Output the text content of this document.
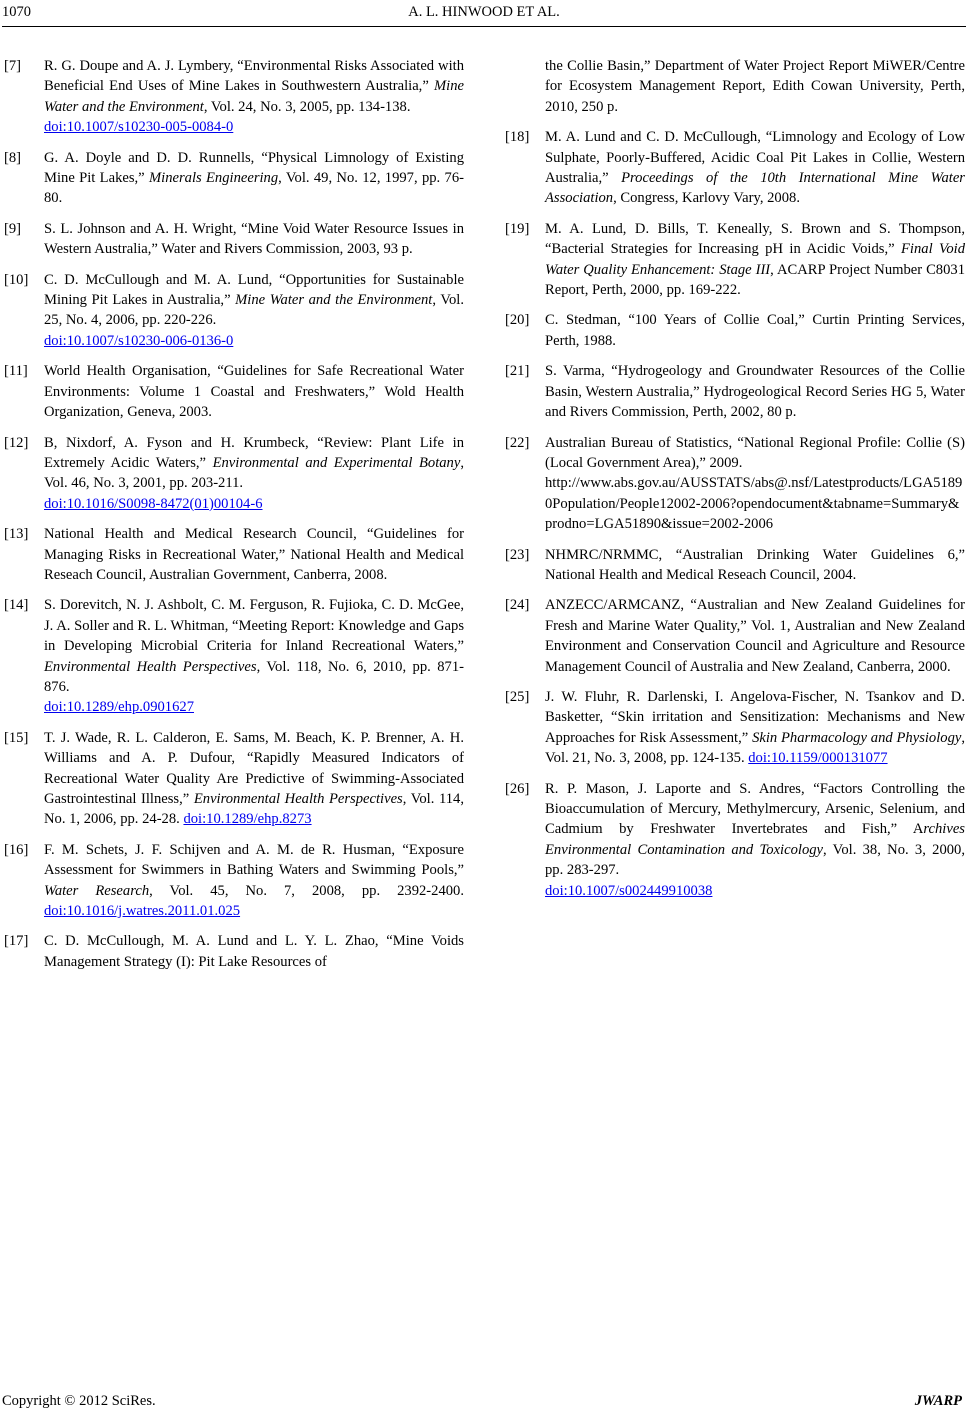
1070	A. L. HINWOOD ET AL.
[7] R. G. Doupe and A. J. Lymbery, “Environmental Risks Associated with Beneficial End Uses of Mine Lakes in Southwestern Australia,” Mine Water and the Environment, Vol. 24, No. 3, 2005, pp. 134-138.
doi:10.1007/s10230-005-0084-0
[8] G. A. Doyle and D. D. Runnells, “Physical Limnology of Existing Mine Pit Lakes,” Minerals Engineering, Vol. 49, No. 12, 1997, pp. 76-80.
[9] S. L. Johnson and A. H. Wright, “Mine Void Water Resource Issues in Western Australia,” Water and Rivers Commission, 2003, 93 p.
[10] C. D. McCullough and M. A. Lund, “Opportunities for Sustainable Mining Pit Lakes in Australia,” Mine Water and the Environment, Vol. 25, No. 4, 2006, pp. 220-226.
doi:10.1007/s10230-006-0136-0
[11] World Health Organisation, “Guidelines for Safe Recreational Water Environments: Volume 1 Coastal and Freshwaters,” Wold Health Organization, Geneva, 2003.
[12] B, Nixdorf, A. Fyson and H. Krumbeck, “Review: Plant Life in Extremely Acidic Waters,” Environmental and Experimental Botany, Vol. 46, No. 3, 2001, pp. 203-211.
doi:10.1016/S0098-8472(01)00104-6
[13] National Health and Medical Research Council, “Guidelines for Managing Risks in Recreational Water,” National Health and Medical Reseach Council, Australian Government, Canberra, 2008.
[14] S. Dorevitch, N. J. Ashbolt, C. M. Ferguson, R. Fujioka, C. D. McGee, J. A. Soller and R. L. Whitman, “Meeting Report: Knowledge and Gaps in Developing Microbial Criteria for Inland Recreational Waters,” Environmental Health Perspectives, Vol. 118, No. 6, 2010, pp. 871-876.
doi:10.1289/ehp.0901627
[15] T. J. Wade, R. L. Calderon, E. Sams, M. Beach, K. P. Brenner, A. H. Williams and A. P. Dufour, “Rapidly Measured Indicators of Recreational Water Quality Are Predictive of Swimming-Associated Gastrointestinal Illness,” Environmental Health Perspectives, Vol. 114, No. 1, 2006, pp. 24-28. doi:10.1289/ehp.8273
[16] F. M. Schets, J. F. Schijven and A. M. de R. Husman, “Exposure Assessment for Swimmers in Bathing Waters and Swimming Pools,” Water Research, Vol. 45, No. 7, 2008, pp. 2392-2400. doi:10.1016/j.watres.2011.01.025
[17] C. D. McCullough, M. A. Lund and L. Y. L. Zhao, “Mine Voids Management Strategy (I): Pit Lake Resources of
the Collie Basin,” Department of Water Project Report MiWER/Centre for Ecosystem Management Report, Edith Cowan University, Perth, 2010, 250 p.
[18] M. A. Lund and C. D. McCullough, “Limnology and Ecology of Low Sulphate, Poorly-Buffered, Acidic Coal Pit Lakes in Collie, Western Australia,” Proceedings of the 10th International Mine Water Association, Congress, Karlovy Vary, 2008.
[19] M. A. Lund, D. Bills, T. Keneally, S. Brown and S. Thompson, “Bacterial Strategies for Increasing pH in Acidic Voids,” Final Void Water Quality Enhancement: Stage III, ACARP Project Number C8031 Report, Perth, 2000, pp. 169-222.
[20] C. Stedman, “100 Years of Collie Coal,” Curtin Printing Services, Perth, 1988.
[21] S. Varma, “Hydrogeology and Groundwater Resources of the Collie Basin, Western Australia,” Hydrogeological Record Series HG 5, Water and Rivers Commission, Perth, 2002, 80 p.
[22] Australian Bureau of Statistics, “National Regional Profile: Collie (S) (Local Government Area),” 2009.
http://www.abs.gov.au/AUSSTATS/abs@.nsf/Latestproducts/LGA51890Population/People12002-2006?opendocument&tabname=Summary&prodno=LGA51890&issue=2002-2006
[23] NHMRC/NRMMC, “Australian Drinking Water Guidelines 6,” National Health and Medical Reseach Council, 2004.
[24] ANZECC/ARMCANZ, “Australian and New Zealand Guidelines for Fresh and Marine Water Quality,” Vol. 1, Australian and New Zealand Environment and Conservation Council and Agriculture and Resource Management Council of Australia and New Zealand, Canberra, 2000.
[25] J. W. Fluhr, R. Darlenski, I. Angelova-Fischer, N. Tsankov and D. Basketter, “Skin irritation and Sensitization: Mechanisms and New Approaches for Risk Assessment,” Skin Pharmacology and Physiology, Vol. 21, No. 3, 2008, pp. 124-135. doi:10.1159/000131077
[26] R. P. Mason, J. Laporte and S. Andres, “Factors Controlling the Bioaccumulation of Mercury, Methylmercury, Arsenic, Selenium, and Cadmium by Freshwater Invertebrates and Fish,” Archives Environmental Contamination and Toxicology, Vol. 38, No. 3, 2000, pp. 283-297.
doi:10.1007/s002449910038
Copyright © 2012 SciRes.	JWARP
